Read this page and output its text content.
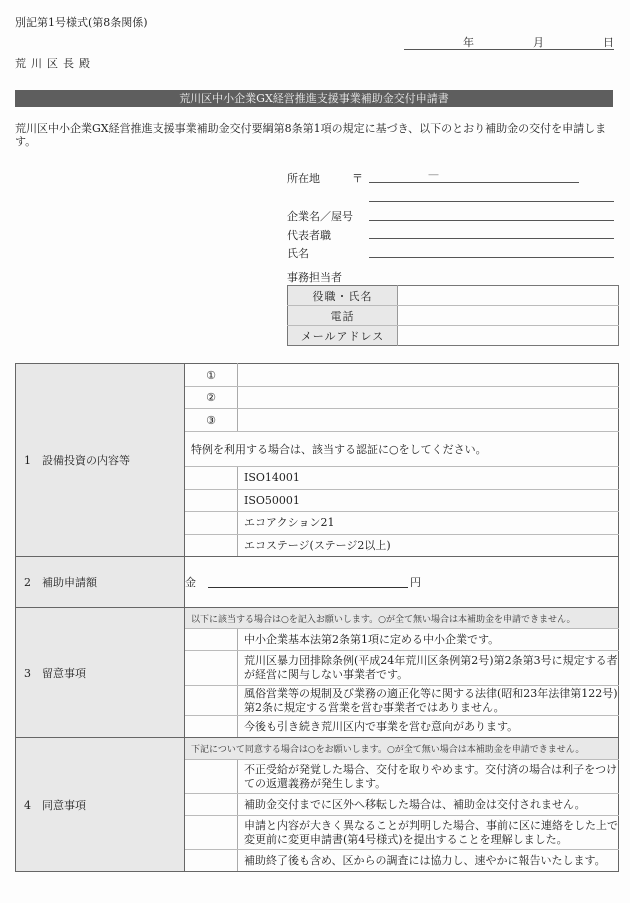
別記第1号様式(第8条関係)
年	月	日
荒川区長殿
荒川区中小企業GX経営推進支援事業補助金交付申請書
荒川区中小企業GX経営推進支援事業補助金交付要綱第8条第1項の規定に基づき、以下のとおり補助金の交付を申請します。
所在地	〒	—
企業名／屋号
代表者職
氏名
事務担当者
役職・氏名	
電話	
メールアドレス	
1 設備投資の内容等	①	
	②	
	③	
	特例を利用する場合は、該当する認証に○をしてください。	
		ISO14001
		ISO50001
		エコアクション21
		エコステージ(ステージ2以上)
2 補助申請額	金 円	
3 留意事項	以下に該当する場合は○を記入お願いします。○が全て無い場合は本補助金を申請できません。	
		中小企業基本法第2条第1項に定める中小企業です。
		荒川区暴力団排除条例(平成24年荒川区条例第2号)第2条第3号に規定する者が経営に関与しない事業者です。
		風俗営業等の規制及び業務の適正化等に関する法律(昭和23年法律第122号)第2条に規定する営業を営む事業者ではありません。
		今後も引き続き荒川区内で事業を営む意向があります。
4 同意事項	下記について同意する場合は○をお願いします。○が全て無い場合は本補助金を申請できません。	
		不正受給が発覚した場合、交付を取りやめます。交付済の場合は利子をつけての返還義務が発生します。
		補助金交付までに区外へ移転した場合は、補助金は交付されません。
		申請と内容が大きく異なることが判明した場合、事前に区に連絡をした上で変更前に変更申請書(第4号様式)を提出することを理解しました。
		補助終了後も含め、区からの調査には協力し、速やかに報告いたします。
